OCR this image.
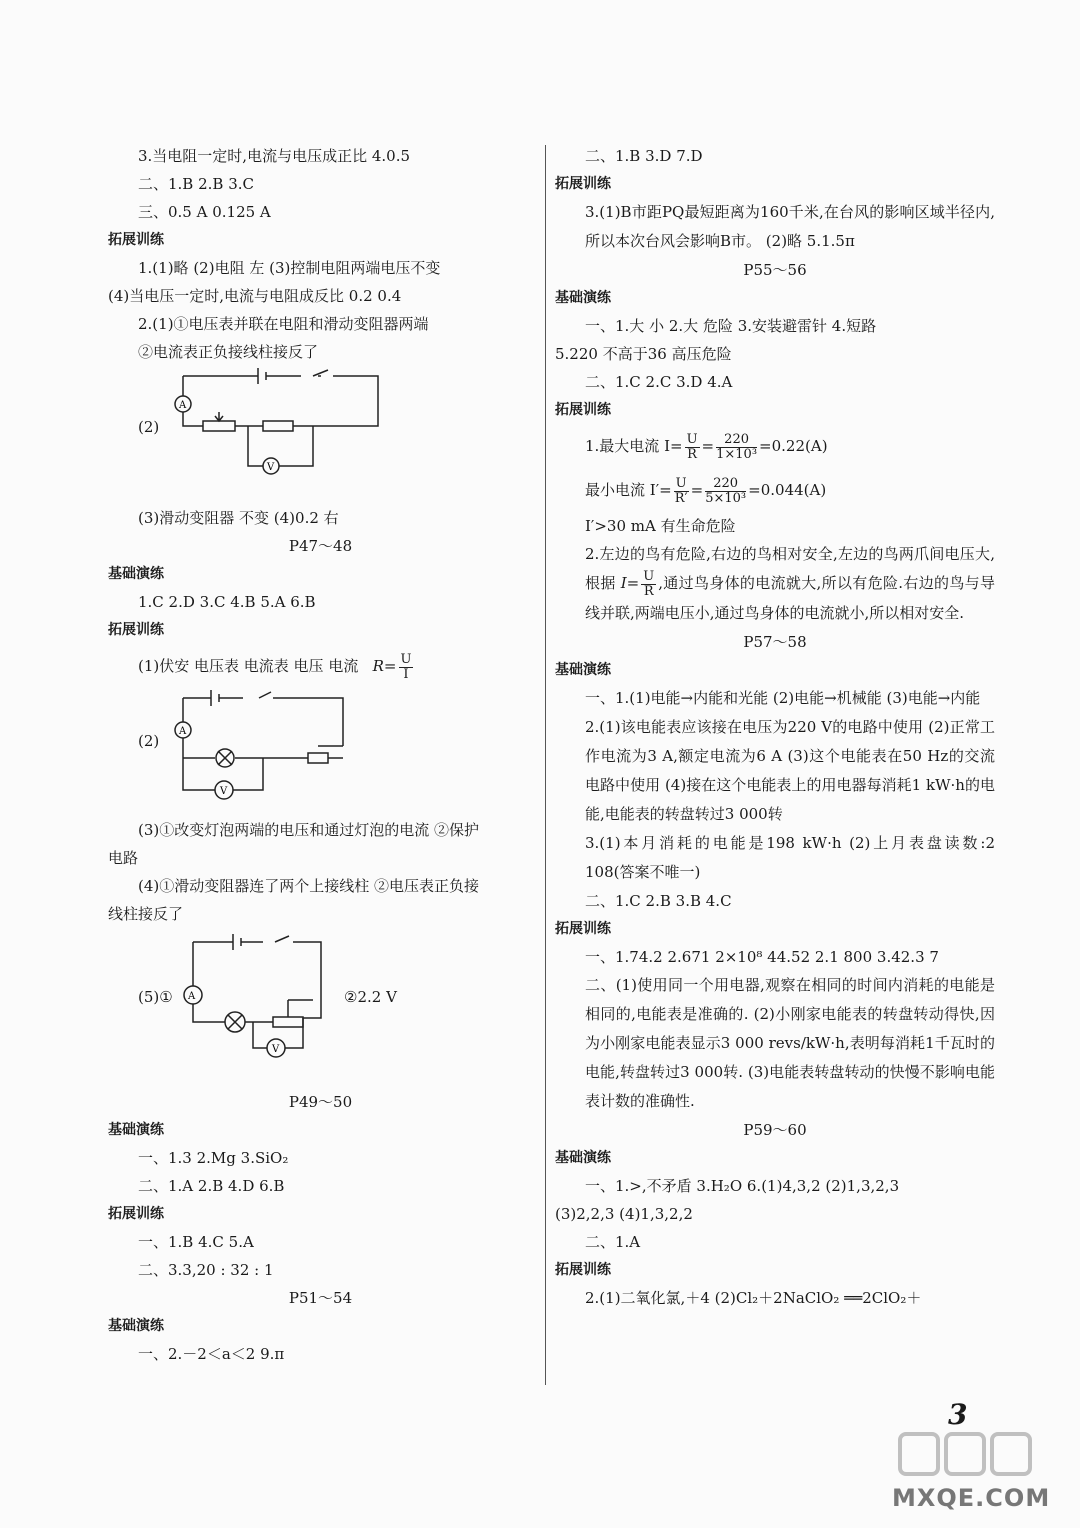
3.当电阻一定时,电流与电压成正比 4.0.5
二、1.B 2.B 3.C
三、0.5 A 0.125 A
拓展训练
1.(1)略 (2)电阻 左 (3)控制电阻两端电压不变
(4)当电压一定时,电流与电阻成反比 0.2 0.4
2.(1)①电压表并联在电阻和滑动变阻器两端
②电流表正负接线柱接反了
(2)
A
V
(3)滑动变阻器 不变 (4)0.2 右
P47～48
基础演练
1.C 2.D 3.C 4.B 5.A 6.B
拓展训练
(1)伏安 电压表 电流表 电压 电流 $R= \frac{U}{I}$
(2)
A
V
(3)①改变灯泡两端的电压和通过灯泡的电流 ②保护
电路
(4)①滑动变阻器连了两个上接线柱 ②电压表正负接
线柱接反了
(5)①	②2.2 V
A
V
P49～50
基础演练
一、1.3 2.Mg 3.SiO₂
二、1.A 2.B 4.D 6.B
拓展训练
一、1.B 4.C 5.A
二、3.3,20 : 32 : 1
P51～54
基础演练
一、2.－2＜a＜2 9.π
二、1.B 3.D 7.D
拓展训练
3.(1)B市距PQ最短距离为160千米,在台风的影响区域半径内,所以本次台风会影响B市。 (2)略 5.1.5π
P55～56
基础演练
一、1.大 小 2.大 危险 3.安装避雷针 4.短路
5.220 不高于36 高压危险
二、1.C 2.C 3.D 4.A
拓展训练
1.最大电流 $I= \frac{U}{R} = \frac{220}{\text{1×10³}} =0.22(A)$
最小电流 $I'= \frac{U}{R'} = \frac{220}{\text{5×10³}} =0.044(A)$
I′>30 mA 有生命危险
2.左边的鸟有危险,右边的鸟相对安全,左边的鸟两爪间电压大,根据 $I= \frac{U}{R}$ ,通过鸟身体的电流就大,所以有危险.右边的鸟与导线并联,两端电压小,通过鸟身体的电流就小,所以相对安全.
P57～58
基础演练
一、1.(1)电能→内能和光能 (2)电能→机械能 (3)电能→内能
2.(1)该电能表应该接在电压为220 V的电路中使用 (2)正常工作电流为3 A,额定电流为6 A (3)这个电能表在50 Hz的交流电路中使用 (4)接在这个电能表上的用电器每消耗1 kW·h的电能,电能表的转盘转过3 000转
3.(1)本月消耗的电能是198 kW·h (2)上月表盘读数:2 108(答案不唯一)
二、1.C 2.B 3.B 4.C
拓展训练
一、1.74.2 2.671 2×10⁸ 44.52 2.1 800 3.42.3 7
二、(1)使用同一个用电器,观察在相同的时间内消耗的电能是相同的,电能表是准确的. (2)小刚家电能表的转盘转动得快,因为小刚家电能表显示3 000 revs/kW·h,表明每消耗1千瓦时的电能,转盘转过3 000转. (3)电能表转盘转动的快慢不影响电能表计数的准确性.
P59～60
基础演练
一、1.>,不矛盾 3.H₂O 6.(1)4,3,2 (2)1,3,2,3
(3)2,2,3 (4)1,3,2,2
二、1.A
拓展训练
2.(1)二氧化氯,＋4 (2)Cl₂＋2NaClO₂ ══2ClO₂＋
3
MXQE.COM
